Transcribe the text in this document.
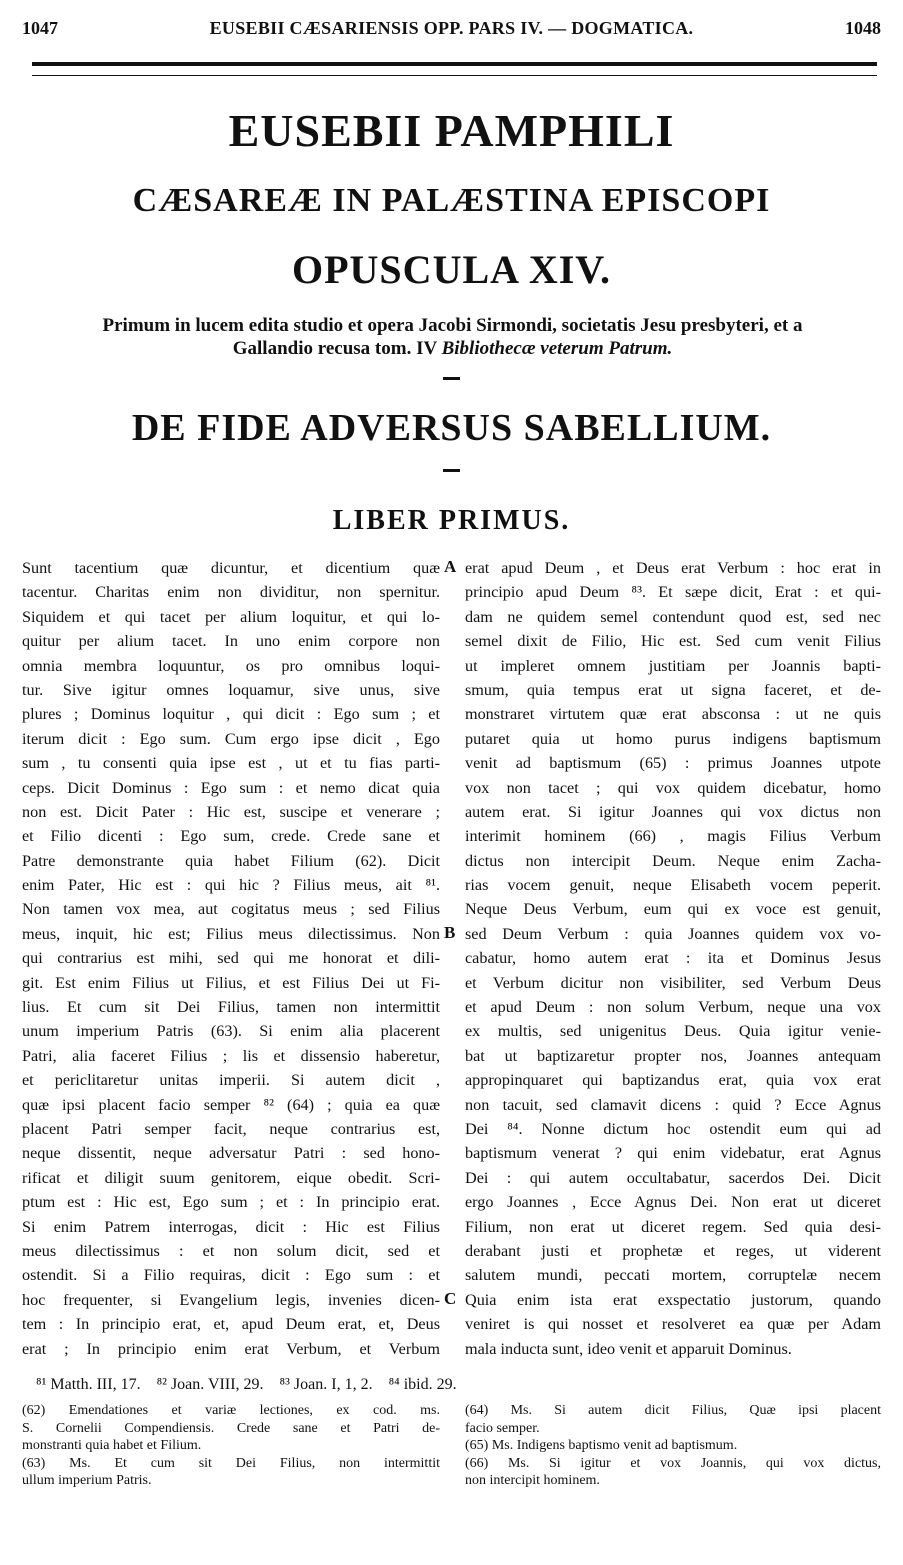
1047	EUSEBII CÆSARIENSIS OPP. PARS IV. — DOGMATICA.	1048
EUSEBII PAMPHILI
CÆSAREÆ IN PALÆSTINA EPISCOPI
OPUSCULA XIV.
Primum in lucem edita studio et opera Jacobi Sirmondi, societatis Jesu presbyteri, et a
Gallandio recusa tom. IV Bibliothecæ veterum Patrum.
DE FIDE ADVERSUS SABELLIUM.
LIBER PRIMUS.
Sunt tacentium quæ dicuntur, et dicentium quæ
tacentur. Charitas enim non dividitur, non spernitur.
Siquidem et qui tacet per alium loquitur, et qui lo-
quitur per alium tacet. In uno enim corpore non
omnia membra loquuntur, os pro omnibus loqui-
tur. Sive igitur omnes loquamur, sive unus, sive
plures ; Dominus loquitur , qui dicit : Ego sum ; et
iterum dicit : Ego sum. Cum ergo ipse dicit , Ego
sum , tu consenti quia ipse est , ut et tu fias parti-
ceps. Dicit Dominus : Ego sum : et nemo dicat quia
non est. Dicit Pater : Hic est, suscipe et venerare ;
et Filio dicenti : Ego sum, crede. Crede sane et
Patre demonstrante quia habet Filium (62). Dicit
enim Pater, Hic est : qui hic ? Filius meus, ait ⁸¹.
Non tamen vox mea, aut cogitatus meus ; sed Filius
meus, inquit, hic est; Filius meus dilectissimus. Non
qui contrarius est mihi, sed qui me honorat et dili-
git. Est enim Filius ut Filius, et est Filius Dei ut Fi-
lius. Et cum sit Dei Filius, tamen non intermittit
unum imperium Patris (63). Si enim alia placerent
Patri, alia faceret Filius ; lis et dissensio haberetur,
et periclitaretur unitas imperii. Si autem dicit ,
quæ ipsi placent facio semper ⁸² (64) ; quia ea quæ
placent Patri semper facit, neque contrarius est,
neque dissentit, neque adversatur Patri : sed hono-
rificat et diligit suum genitorem, eique obedit. Scri-
ptum est : Hic est, Ego sum ; et : In principio erat.
Si enim Patrem interrogas, dicit : Hic est Filius
meus dilectissimus : et non solum dicit, sed et
ostendit. Si a Filio requiras, dicit : Ego sum : et
hoc frequenter, si Evangelium legis, invenies dicen-
tem : In principio erat, et, apud Deum erat, et, Deus
erat ; In principio enim erat Verbum, et Verbum
erat apud Deum , et Deus erat Verbum : hoc erat in
principio apud Deum ⁸³. Et sæpe dicit, Erat : et qui-
dam ne quidem semel contendunt quod est, sed nec
semel dixit de Filio, Hic est. Sed cum venit Filius
ut impleret omnem justitiam per Joannis bapti-
smum, quia tempus erat ut signa faceret, et de-
monstraret virtutem quæ erat absconsa : ut ne quis
putaret quia ut homo purus indigens baptismum
venit ad baptismum (65) : primus Joannes utpote
vox non tacet ; qui vox quidem dicebatur, homo
autem erat. Si igitur Joannes qui vox dictus non
interimit hominem (66) , magis Filius Verbum
dictus non intercipit Deum. Neque enim Zacha-
rias vocem genuit, neque Elisabeth vocem peperit.
Neque Deus Verbum, eum qui ex voce est genuit,
sed Deum Verbum : quia Joannes quidem vox vo-
cabatur, homo autem erat : ita et Dominus Jesus
et Verbum dicitur non visibiliter, sed Verbum Deus
et apud Deum : non solum Verbum, neque una vox
ex multis, sed unigenitus Deus. Quia igitur venie-
bat ut baptizaretur propter nos, Joannes antequam
appropinquaret qui baptizandus erat, quia vox erat
non tacuit, sed clamavit dicens : quid ? Ecce Agnus
Dei ⁸⁴. Nonne dictum hoc ostendit eum qui ad
baptismum venerat ? qui enim videbatur, erat Agnus
Dei : qui autem occultabatur, sacerdos Dei. Dicit
ergo Joannes , Ecce Agnus Dei. Non erat ut diceret
Filium, non erat ut diceret regem. Sed quia desi-
derabant justi et prophetæ et reges, ut viderent
salutem mundi, peccati mortem, corruptelæ necem
Quia enim ista erat exspectatio justorum, quando
veniret is qui nosset et resolveret ea quæ per Adam
mala inducta sunt, ideo venit et apparuit Dominus.
A
B
C
⁸¹ Matth. III, 17. ⁸² Joan. VIII, 29. ⁸³ Joan. I, 1, 2. ⁸⁴ ibid. 29.
(62) Emendationes et variæ lectiones, ex cod. ms.
S. Cornelii Compendiensis. Crede sane et Patri de-
monstranti quia habet et Filium.
(63) Ms. Et cum sit Dei Filius, non intermittit
ullum imperium Patris.
(64) Ms. Si autem dicit Filius, Quæ ipsi placent
facio semper.
(65) Ms. Indigens baptismo venit ad baptismum.
(66) Ms. Si igitur et vox Joannis, qui vox dictus,
non intercipit hominem.
